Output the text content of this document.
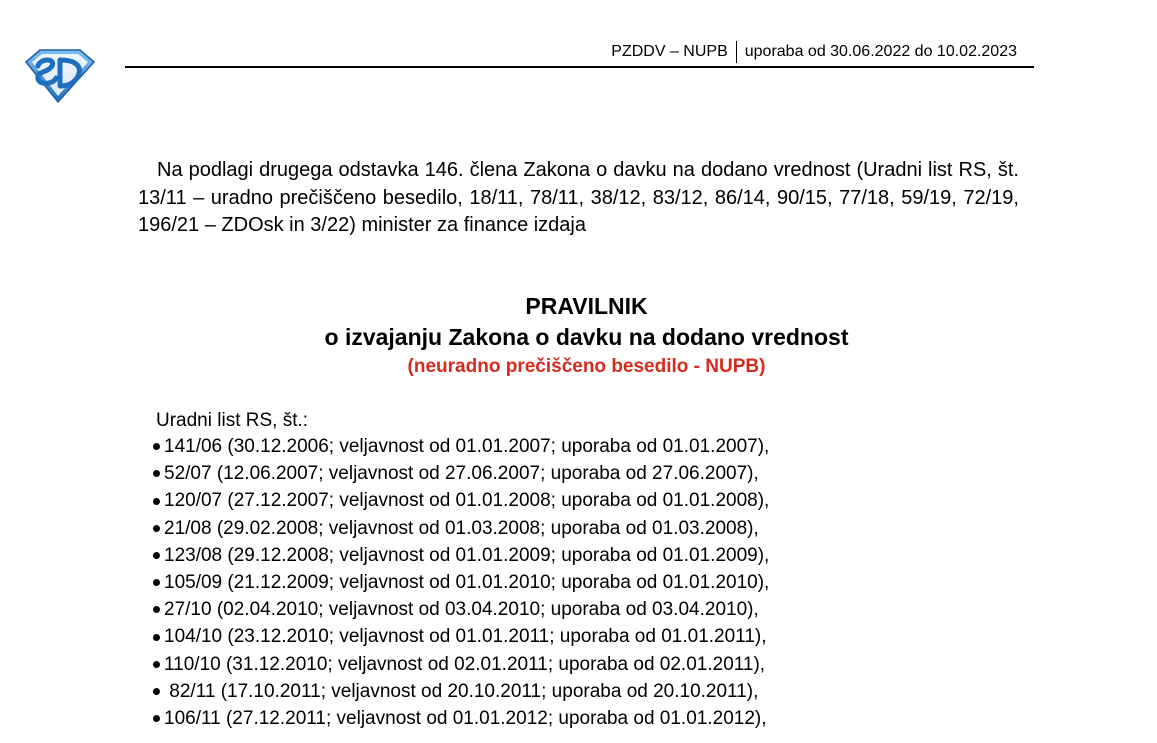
PZDDV – NUPB	uporaba od 30.06.2022 do 10.02.2023

Na podlagi drugega odstavka 146. člena Zakona o davku na dodano vrednost (Uradni list RS, št. 13/11 – uradno prečiščeno besedilo, 18/11, 78/11, 38/12, 83/12, 86/14, 90/15, 77/18, 59/19, 72/19, 196/21 – ZDOsk in 3/22) minister za finance izdaja

PRAVILNIK

o izvajanju Zakona o davku na dodano vrednost

(neuradno prečiščeno besedilo - NUPB)

Uradni list RS, št.:

141/06 (30.12.2006; veljavnost od 01.01.2007; uporaba od 01.01.2007),
52/07 (12.06.2007; veljavnost od 27.06.2007; uporaba od 27.06.2007),
120/07 (27.12.2007; veljavnost od 01.01.2008; uporaba od 01.01.2008),
21/08 (29.02.2008; veljavnost od 01.03.2008; uporaba od 01.03.2008),
123/08 (29.12.2008; veljavnost od 01.01.2009; uporaba od 01.01.2009),
105/09 (21.12.2009; veljavnost od 01.01.2010; uporaba od 01.01.2010),
27/10 (02.04.2010; veljavnost od 03.04.2010; uporaba od 03.04.2010),
104/10 (23.12.2010; veljavnost od 01.01.2011; uporaba od 01.01.2011),
110/10 (31.12.2010; veljavnost od 02.01.2011; uporaba od 02.01.2011),
82/11 (17.10.2011; veljavnost od 20.10.2011; uporaba od 20.10.2011),
106/11 (27.12.2011; veljavnost od 01.01.2012; uporaba od 01.01.2012),
